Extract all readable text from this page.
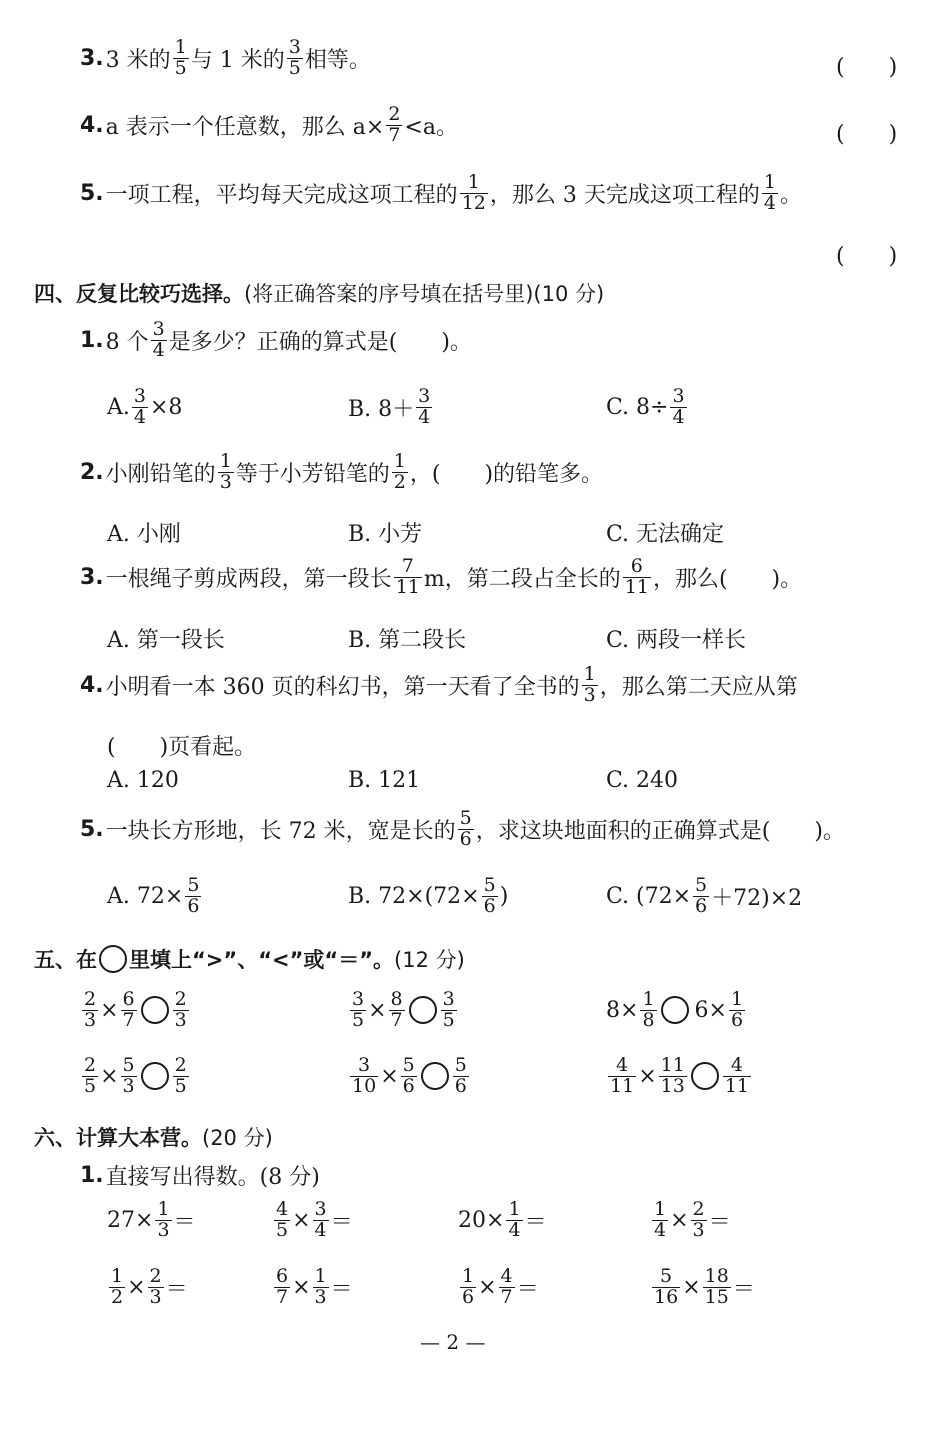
3. 3 米的 $\frac{1}{5}$ 与 1 米的 $\frac{3}{5}$ 相等。	(　　)
4. a 表示一个任意数，那么 $a\times \frac{2}{7} <a$。	(　　)
5. 一项工程，平均每天完成这项工程的 $\frac{1}{12}$ ，那么 3 天完成这项工程的 $\frac{1}{4}$ 。
(　　)
四、反复比较巧选择。(将正确答案的序号填在括号里)(10 分)
1. 8 个 $\frac{3}{4}$ 是多少？正确的算式是(　　)。
A. $\frac{3}{4} \times 8$	B. $8+ \frac{3}{4}$	C. $8\div \frac{3}{4}$
2. 小刚铅笔的 $\frac{1}{3}$ 等于小芳铅笔的 $\frac{1}{2}$ ，(　　)的铅笔多。
A. 小刚	B. 小芳	C. 无法确定
3. 一根绳子剪成两段，第一段长 $\frac{7}{11}$ m，第二段占全长的 $\frac{6}{11}$ ，那么(　　)。
A. 第一段长	B. 第二段长	C. 两段一样长
4. 小明看一本 360 页的科幻书，第一天看了全书的 $\frac{1}{3}$ ，那么第二天应从第
(　　)页看起。
A. 120	B. 121	C. 240
5. 一块长方形地，长 72 米，宽是长的 $\frac{5}{6}$ ，求这块地面积的正确算式是(　　)。
A. $72\times \frac{5}{6}$	B. $72\times(72\times \frac{5}{6}$ )	C. $(72\times \frac{5}{6} +72)\times 2$
五、在 里填上“>”、“<”或“＝”。 (12 分)
$\frac{2}{3} \times \frac{6}{7} \frac{2}{3}$	$\frac{3}{5} \times \frac{8}{7} \frac{3}{5}$	$8\times \frac{1}{8} 6\times \frac{1}{6}$
$\frac{2}{5} \times \frac{5}{3} \frac{2}{5}$	$\frac{3}{10} \times \frac{5}{6} \frac{5}{6}$	$\frac{4}{11} \times \frac{11}{13} \frac{4}{11}$
六、计算大本营。(20 分)
1. 直接写出得数。(8 分)
$27\times \frac{1}{3}$ ＝	$\frac{4}{5} \times \frac{3}{4}$ ＝	$20\times \frac{1}{4}$ ＝	$\frac{1}{4} \times \frac{2}{3}$ ＝
$\frac{1}{2} \times \frac{2}{3}$ ＝	$\frac{6}{7} \times \frac{1}{3}$ ＝	$\frac{1}{6} \times \frac{4}{7}$ ＝	$\frac{5}{16} \times \frac{18}{15}$ ＝
— 2 —
